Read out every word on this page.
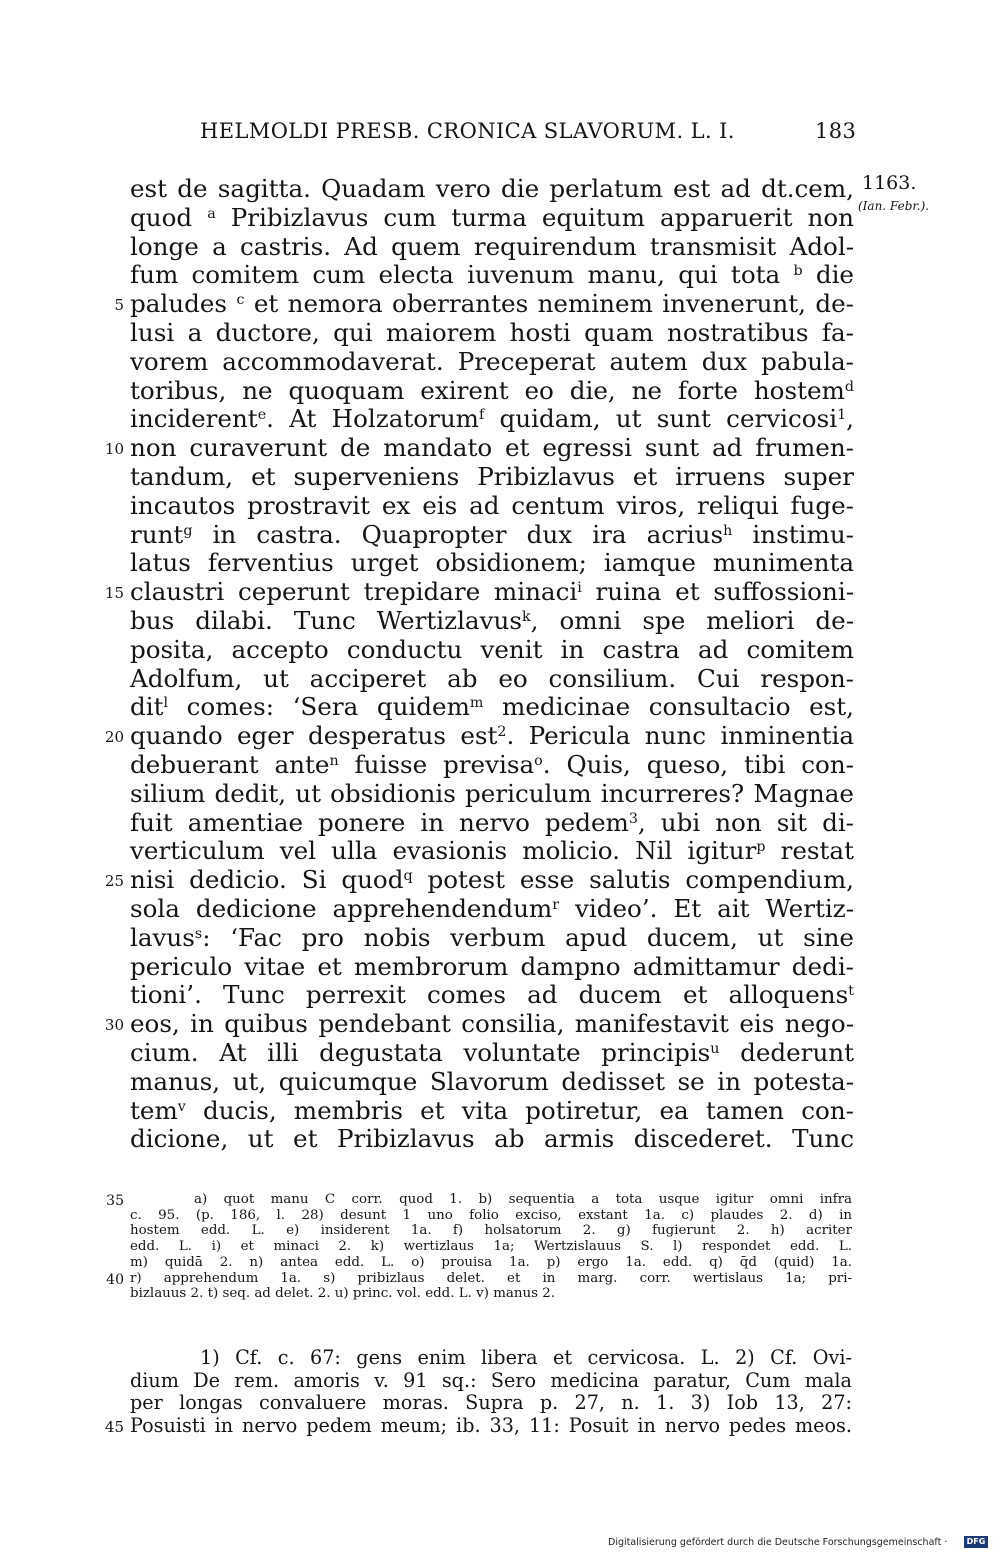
HELMOLDI PRESB. CRONICA SLAVORUM. L. I.	183
1163.
(Ian. Febr.).
est de sagitta. Quadam vero die perlatum est ad dt.cem,
quod $^a$ Pribizlavus cum turma equitum apparuerit non
longe a castris. Ad quem requirendum transmisit Adol-
fum comitem cum electa iuvenum manu, qui tota $^b$ die
paludes $^c$ et nemora oberrantes neminem invenerunt, de-
5
lusi a ductore, qui maiorem hosti quam nostratibus fa-
vorem accommodaverat. Preceperat autem dux pabula-
toribus, ne quoquam exirent eo die, ne forte hostem$^d$
inciderent$^e$. At Holzatorum$^f$ quidam, ut sunt cervicosi$^1$,
non curaverunt de mandato et egressi sunt ad frumen-
10
tandum, et superveniens Pribizlavus et irruens super
incautos prostravit ex eis ad centum viros, reliqui fuge-
runt$^g$ in castra. Quapropter dux ira acrius$^h$ instimu-
latus ferventius urget obsidionem; iamque munimenta
claustri ceperunt trepidare minaci$^i$ ruina et suffossioni-
15
bus dilabi. Tunc Wertizlavus$^k$, omni spe meliori de-
posita, accepto conductu venit in castra ad comitem
Adolfum, ut acciperet ab eo consilium. Cui respon-
dit$^l$ comes: ‘Sera quidem$^m$ medicinae consultacio est,
quando eger desperatus est$^2$. Pericula nunc inminentia
20
debuerant ante$^n$ fuisse previsa$^o$. Quis, queso, tibi con-
silium dedit, ut obsidionis periculum incurreres? Magnae
fuit amentiae ponere in nervo pedem$^3$, ubi non sit di-
verticulum vel ulla evasionis molicio. Nil igitur$^p$ restat
nisi dedicio. Si quod$^q$ potest esse salutis compendium,
25
sola dedicione apprehendendum$^r$ video’. Et ait Wertiz-
lavus$^s$: ‘Fac pro nobis verbum apud ducem, ut sine
periculo vitae et membrorum dampno admittamur dedi-
tioni’. Tunc perrexit comes ad ducem et alloquens$^t$
eos, in quibus pendebant consilia, manifestavit eis nego-
30
cium. At illi degustata voluntate principis$^u$ dederunt
manus, ut, quicumque Slavorum dedisset se in potesta-
tem$^v$ ducis, membris et vita potiretur, ea tamen con-
dicione, ut et Pribizlavus ab armis discederet. Tunc
a) quot manu C corr. quod 1. b) sequentia a tota usque igitur omni infra
35
c. 95. (p. 186, l. 28) desunt 1 uno folio exciso, exstant 1a. c) plaudes 2. d) in
hostem edd. L. e) insiderent 1a. f) holsatorum 2. g) fugierunt 2. h) acriter
edd. L. i) et minaci 2. k) wertizlaus 1a; Wertzislauus S. l) respondet edd. L.
m) quidā 2. n) antea edd. L. o) prouisa 1a. p) ergo 1a. edd. q) q̄d (quid) 1a.
r) apprehendum 1a. s) pribizlaus delet. et in marg. corr. wertislaus 1a; pri-
40
bizlauus 2. t) seq. ad delet. 2. u) princ. vol. edd. L. v) manus 2.
1) Cf. c. 67: gens enim libera et cervicosa. L. 2) Cf. Ovi-
dium De rem. amoris v. 91 sq.: Sero medicina paratur, Cum mala
per longas convaluere moras. Supra p. 27, n. 1. 3) Iob 13, 27:
Posuisti in nervo pedem meum; ib. 33, 11: Posuit in nervo pedes meos.
45
Digitalisierung gefördert durch die Deutsche Forschungsgemeinschaft ·	DFG
